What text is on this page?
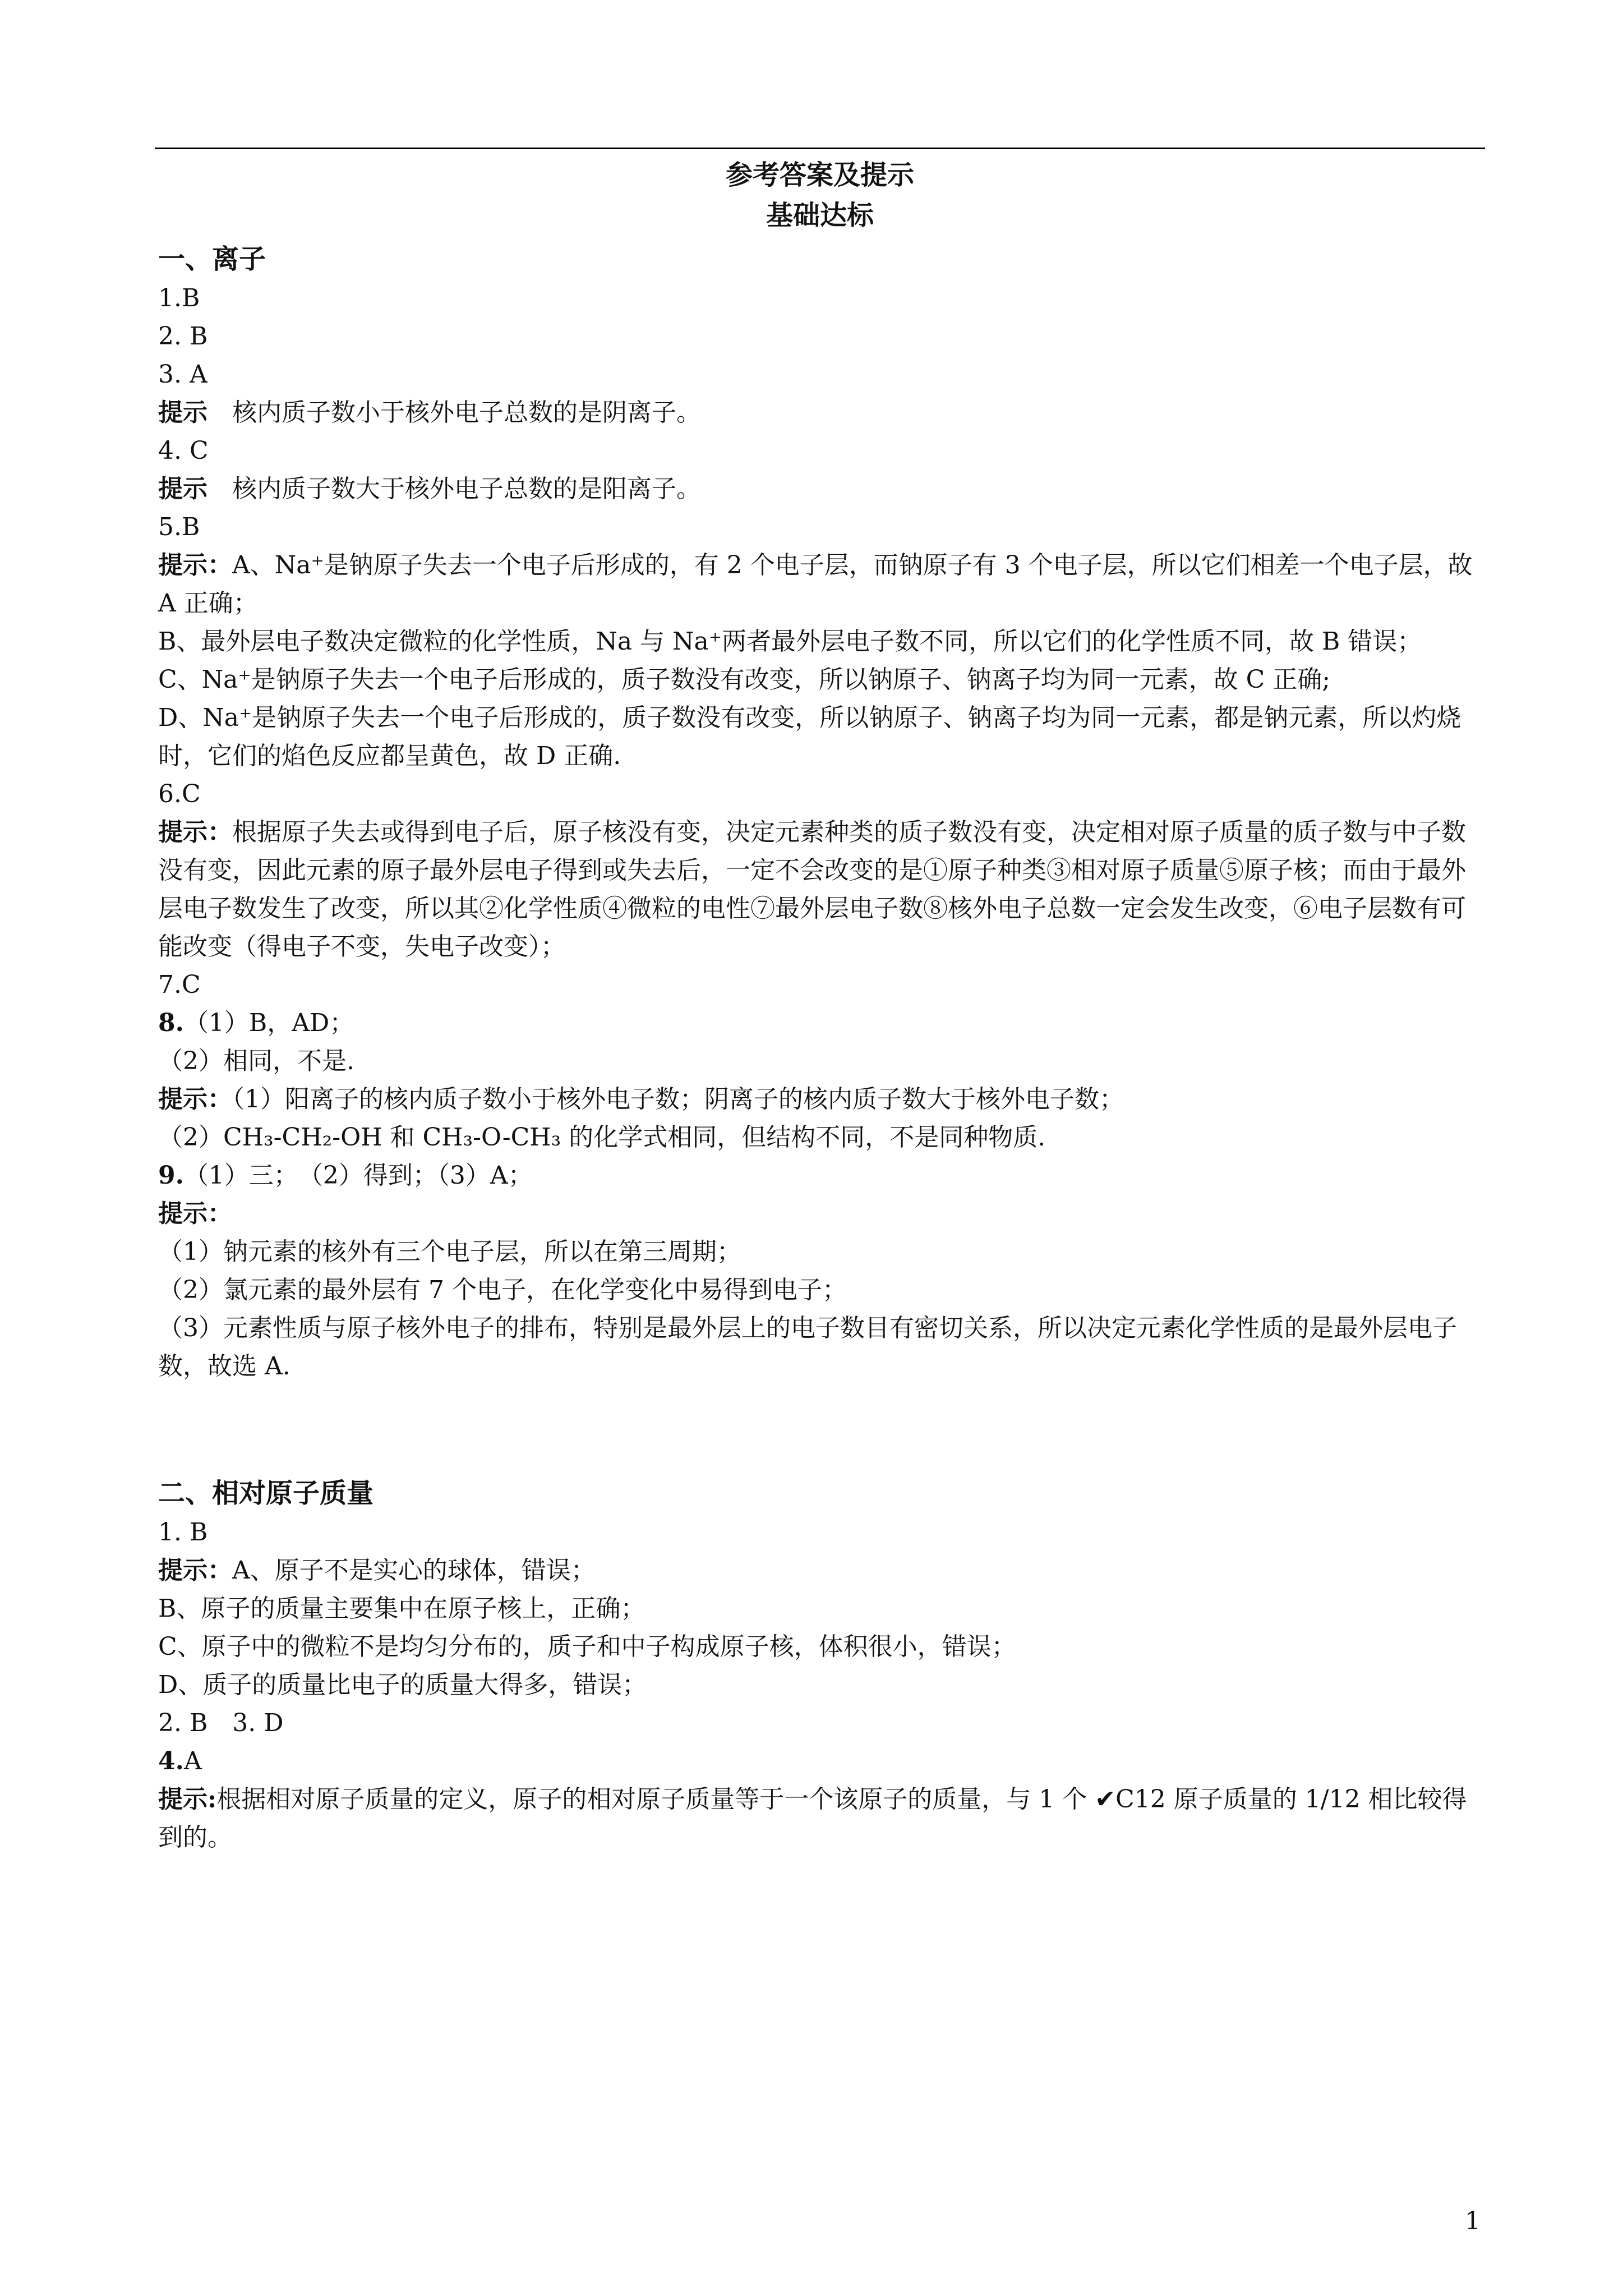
参考答案及提示
基础达标
一、离子
1.B
2. B
3. A
提示　核内质子数小于核外电子总数的是阴离子。
4. C
提示　核内质子数大于核外电子总数的是阳离子。
5.B
提示：A、Na⁺是钠原子失去一个电子后形成的，有 2 个电子层，而钠原子有 3 个电子层，所以它们相差一个电子层，故 A 正确；
B、最外层电子数决定微粒的化学性质，Na 与 Na⁺两者最外层电子数不同，所以它们的化学性质不同，故 B 错误；
C、Na⁺是钠原子失去一个电子后形成的，质子数没有改变，所以钠原子、钠离子均为同一元素，故 C 正确;
D、Na⁺是钠原子失去一个电子后形成的，质子数没有改变，所以钠原子、钠离子均为同一元素，都是钠元素，所以灼烧时，它们的焰色反应都呈黄色，故 D 正确.
6.C
提示：根据原子失去或得到电子后，原子核没有变，决定元素种类的质子数没有变，决定相对原子质量的质子数与中子数没有变，因此元素的原子最外层电子得到或失去后，一定不会改变的是①原子种类③相对原子质量⑤原子核；而由于最外层电子数发生了改变，所以其②化学性质④微粒的电性⑦最外层电子数⑧核外电子总数一定会发生改变，⑥电子层数有可能改变（得电子不变，失电子改变）；
7.C
8.（1）B，AD；
（2）相同，不是.
提示：（1）阳离子的核内质子数小于核外电子数；阴离子的核内质子数大于核外电子数；
（2）CH₃-CH₂-OH 和 CH₃-O-CH₃ 的化学式相同，但结构不同，不是同种物质.
9.（1）三；　（2）得到；（3）A；
提示：
（1）钠元素的核外有三个电子层，所以在第三周期；
（2）氯元素的最外层有 7 个电子，在化学变化中易得到电子；
（3）元素性质与原子核外电子的排布，特别是最外层上的电子数目有密切关系，所以决定元素化学性质的是最外层电子数，故选 A.
二、相对原子质量
1. B
提示：A、原子不是实心的球体，错误；
B、原子的质量主要集中在原子核上，正确；
C、原子中的微粒不是均匀分布的，质子和中子构成原子核，体积很小，错误；
D、质子的质量比电子的质量大得多，错误；
2. B　3. D
4.A
提示:根据相对原子质量的定义，原子的相对原子质量等于一个该原子的质量，与 1 个 ✔C12 原子质量的 1/12 相比较得到的。
1
